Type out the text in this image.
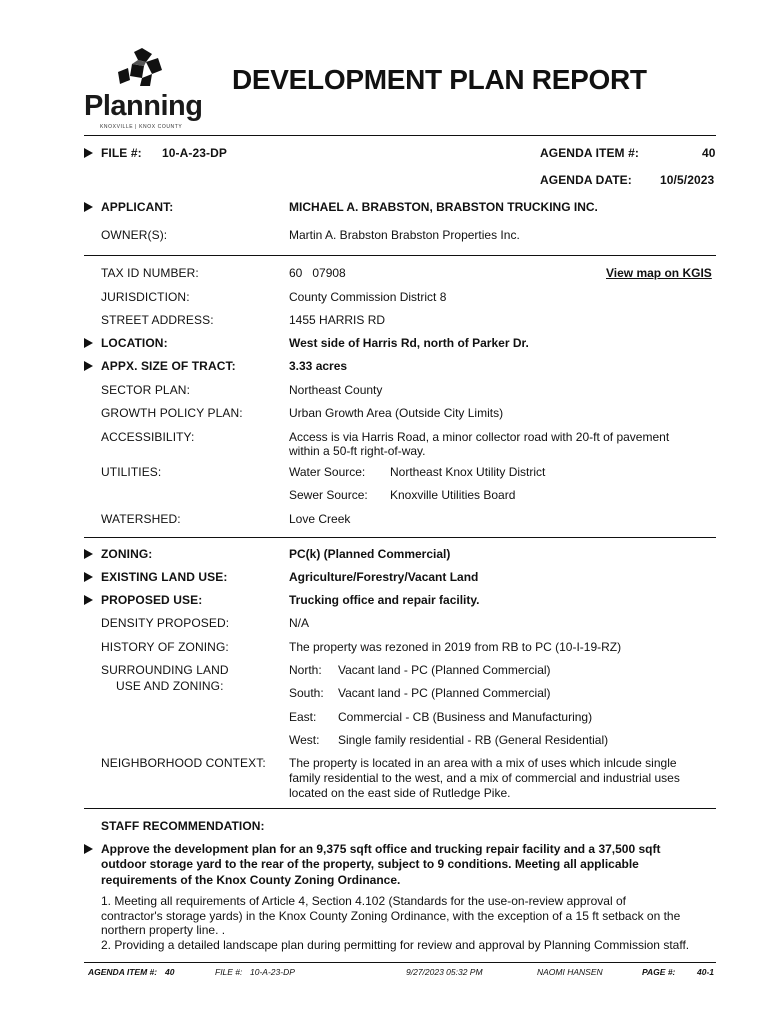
Planning
KNOXVILLE | KNOX COUNTY
DEVELOPMENT PLAN REPORT
FILE #: 10-A-23-DP	AGENDA ITEM #:	40
AGENDA DATE: 10/5/2023
APPLICANT:	MICHAEL A. BRABSTON, BRABSTON TRUCKING INC.
OWNER(S):	Martin A. Brabston Brabston Properties Inc.
TAX ID NUMBER:	60   07908	View map on KGIS
JURISDICTION:	County Commission District 8
STREET ADDRESS:	1455 HARRIS RD
LOCATION:	West side of Harris Rd, north of Parker Dr.
APPX. SIZE OF TRACT:	3.33 acres
SECTOR PLAN:	Northeast County
GROWTH POLICY PLAN:	Urban Growth Area (Outside City Limits)
ACCESSIBILITY:	Access is via Harris Road, a minor collector road with 20-ft of pavement
within a 50-ft right-of-way.
UTILITIES:	Water Source: Northeast Knox Utility District
Sewer Source: Knoxville Utilities Board
WATERSHED:	Love Creek
ZONING:	PC(k) (Planned Commercial)
EXISTING LAND USE:	Agriculture/Forestry/Vacant Land
PROPOSED USE:	Trucking office and repair facility.
DENSITY PROPOSED:	N/A
HISTORY OF ZONING:	The property was rezoned in 2019 from RB to PC (10-I-19-RZ)
SURROUNDING LAND
USE AND ZONING:
North: Vacant land - PC (Planned Commercial)
South: Vacant land - PC (Planned Commercial)
East: Commercial - CB (Business and Manufacturing)
West: Single family residential - RB (General Residential)
NEIGHBORHOOD CONTEXT: The property is located in an area with a mix of uses which inlcude single
family residential to the west, and a mix of commercial and industrial uses
located on the east side of Rutledge Pike.
STAFF RECOMMENDATION:
Approve the development plan for an 9,375 sqft office and trucking repair facility and a 37,500 sqft
outdoor storage yard to the rear of the property, subject to 9 conditions. Meeting all applicable
requirements of the Knox County Zoning Ordinance.
1. Meeting all requirements of Article 4, Section 4.102 (Standards for the use-on-review approval of
contractor's storage yards) in the Knox County Zoning Ordinance, with the exception of a 15 ft setback on the
northern property line. .
2. Providing a detailed landscape plan during permitting for review and approval by Planning Commission staff.
AGENDA ITEM #: 40	FILE #: 10-A-23-DP	9/27/2023 05:32 PM	NAOMI HANSEN	PAGE #:	40-1
